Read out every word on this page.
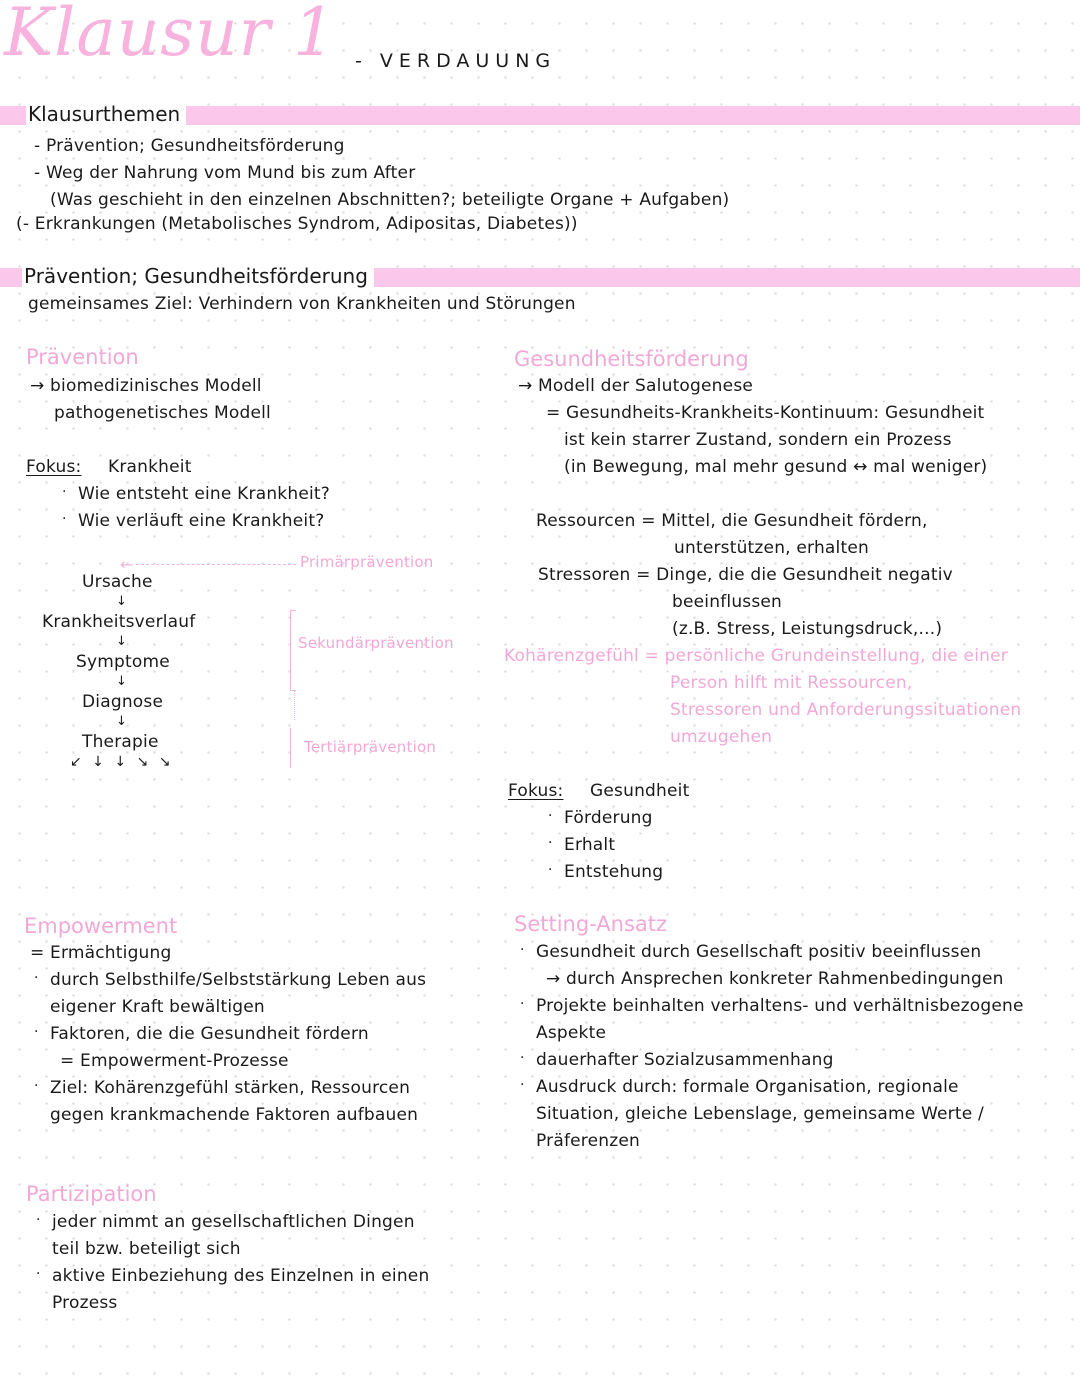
Klausur 1 - VERDAUUNG
Klausurthemen
- Prävention; Gesundheitsförderung
- Weg der Nahrung vom Mund bis zum After
(Was geschieht in den einzelnen Abschnitten?; beteiligte Organe + Aufgaben)
(- Erkrankungen (Metabolisches Syndrom, Adipositas, Diabetes))
Prävention; Gesundheitsförderung
gemeinsames Ziel: Verhindern von Krankheiten und Störungen
Prävention
→ biomedizinisches Modell
pathogenetisches Modell
Fokus: Krankheit
· Wie entsteht eine Krankheit?
· Wie verläuft eine Krankheit?
←	Primärprävention
Ursache
↓
Krankheitsverlauf
↓
Symptome
↓
Diagnose
↓
Therapie
↙ ↓ ↓ ↘ ↘
Sekundärprävention
Tertiärprävention
Gesundheitsförderung
→ Modell der Salutogenese
= Gesundheits-Krankheits-Kontinuum: Gesundheit
ist kein starrer Zustand, sondern ein Prozess
(in Bewegung, mal mehr gesund ↔ mal weniger)
Ressourcen = Mittel, die Gesundheit fördern,
unterstützen, erhalten
Stressoren = Dinge, die die Gesundheit negativ
beeinflussen
(z.B. Stress, Leistungsdruck,...)
Kohärenzgefühl = persönliche Grundeinstellung, die einer
Person hilft mit Ressourcen,
Stressoren und Anforderungssituationen
umzugehen
Fokus: Gesundheit
· Förderung
· Erhalt
· Entstehung
Empowerment
= Ermächtigung
· durch Selbsthilfe/Selbststärkung Leben aus
eigener Kraft bewältigen
· Faktoren, die die Gesundheit fördern
= Empowerment-Prozesse
· Ziel: Kohärenzgefühl stärken, Ressourcen
gegen krankmachende Faktoren aufbauen
Partizipation
· jeder nimmt an gesellschaftlichen Dingen
teil bzw. beteiligt sich
· aktive Einbeziehung des Einzelnen in einen
Prozess
Setting-Ansatz
· Gesundheit durch Gesellschaft positiv beeinflussen
→ durch Ansprechen konkreter Rahmenbedingungen
· Projekte beinhalten verhaltens- und verhältnisbezogene
Aspekte
· dauerhafter Sozialzusammenhang
· Ausdruck durch: formale Organisation, regionale
Situation, gleiche Lebenslage, gemeinsame Werte /
Präferenzen
